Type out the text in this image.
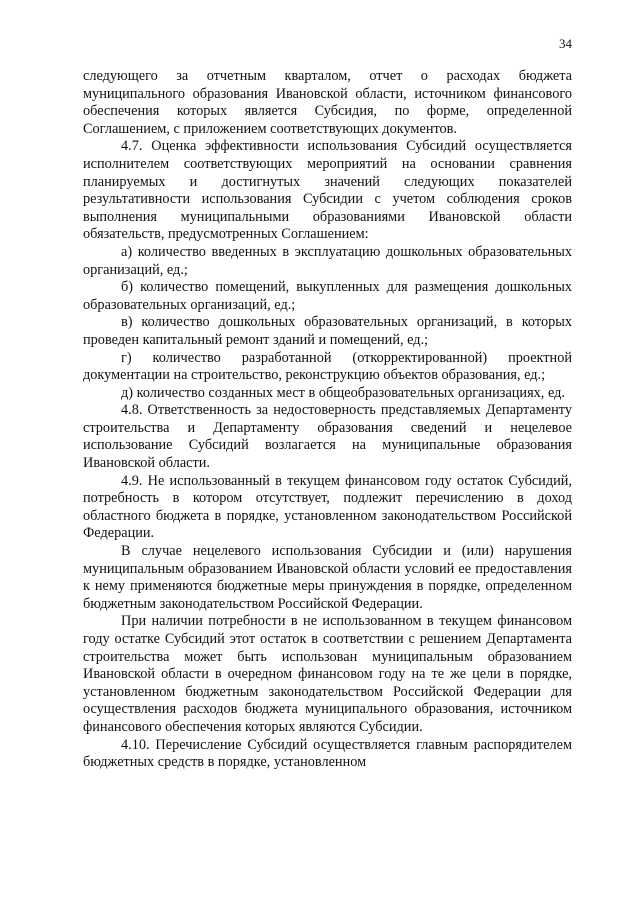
34

следующего за отчетным кварталом, отчет о расходах бюджета муниципального образования Ивановской области, источником финансового обеспечения которых является Субсидия, по форме, определенной Соглашением, с приложением соответствующих документов.

4.7. Оценка эффективности использования Субсидий осуществляется исполнителем соответствующих мероприятий на основании сравнения планируемых и достигнутых значений следующих показателей результативности использования Субсидии с учетом соблюдения сроков выполнения муниципальными образованиями Ивановской области обязательств, предусмотренных Соглашением:

а) количество введенных в эксплуатацию дошкольных образовательных организаций, ед.;

б) количество помещений, выкупленных для размещения дошкольных образовательных организаций, ед.;

в) количество дошкольных образовательных организаций, в которых проведен капитальный ремонт зданий и помещений, ед.;

г) количество разработанной (откорректированной) проектной документации на строительство, реконструкцию объектов образования, ед.;

д) количество созданных мест в общеобразовательных организациях, ед.

4.8. Ответственность за недостоверность представляемых Департаменту строительства и Департаменту образования сведений и нецелевое использование Субсидий возлагается на муниципальные образования Ивановской области.

4.9. Не использованный в текущем финансовом году остаток Субсидий, потребность в котором отсутствует, подлежит перечислению в доход областного бюджета в порядке, установленном законодательством Российской Федерации.

В случае нецелевого использования Субсидии и (или) нарушения муниципальным образованием Ивановской области условий ее предоставления к нему применяются бюджетные меры принуждения в порядке, определенном бюджетным законодательством Российской Федерации.

При наличии потребности в не использованном в текущем финансовом году остатке Субсидий этот остаток в соответствии с решением Департамента строительства может быть использован муниципальным образованием Ивановской области в очередном финансовом году на те же цели в порядке, установленном бюджетным законодательством Российской Федерации для осуществления расходов бюджета муниципального образования, источником финансового обеспечения которых являются Субсидии.

4.10. Перечисление Субсидий осуществляется главным распорядителем бюджетных средств в порядке, установленном
